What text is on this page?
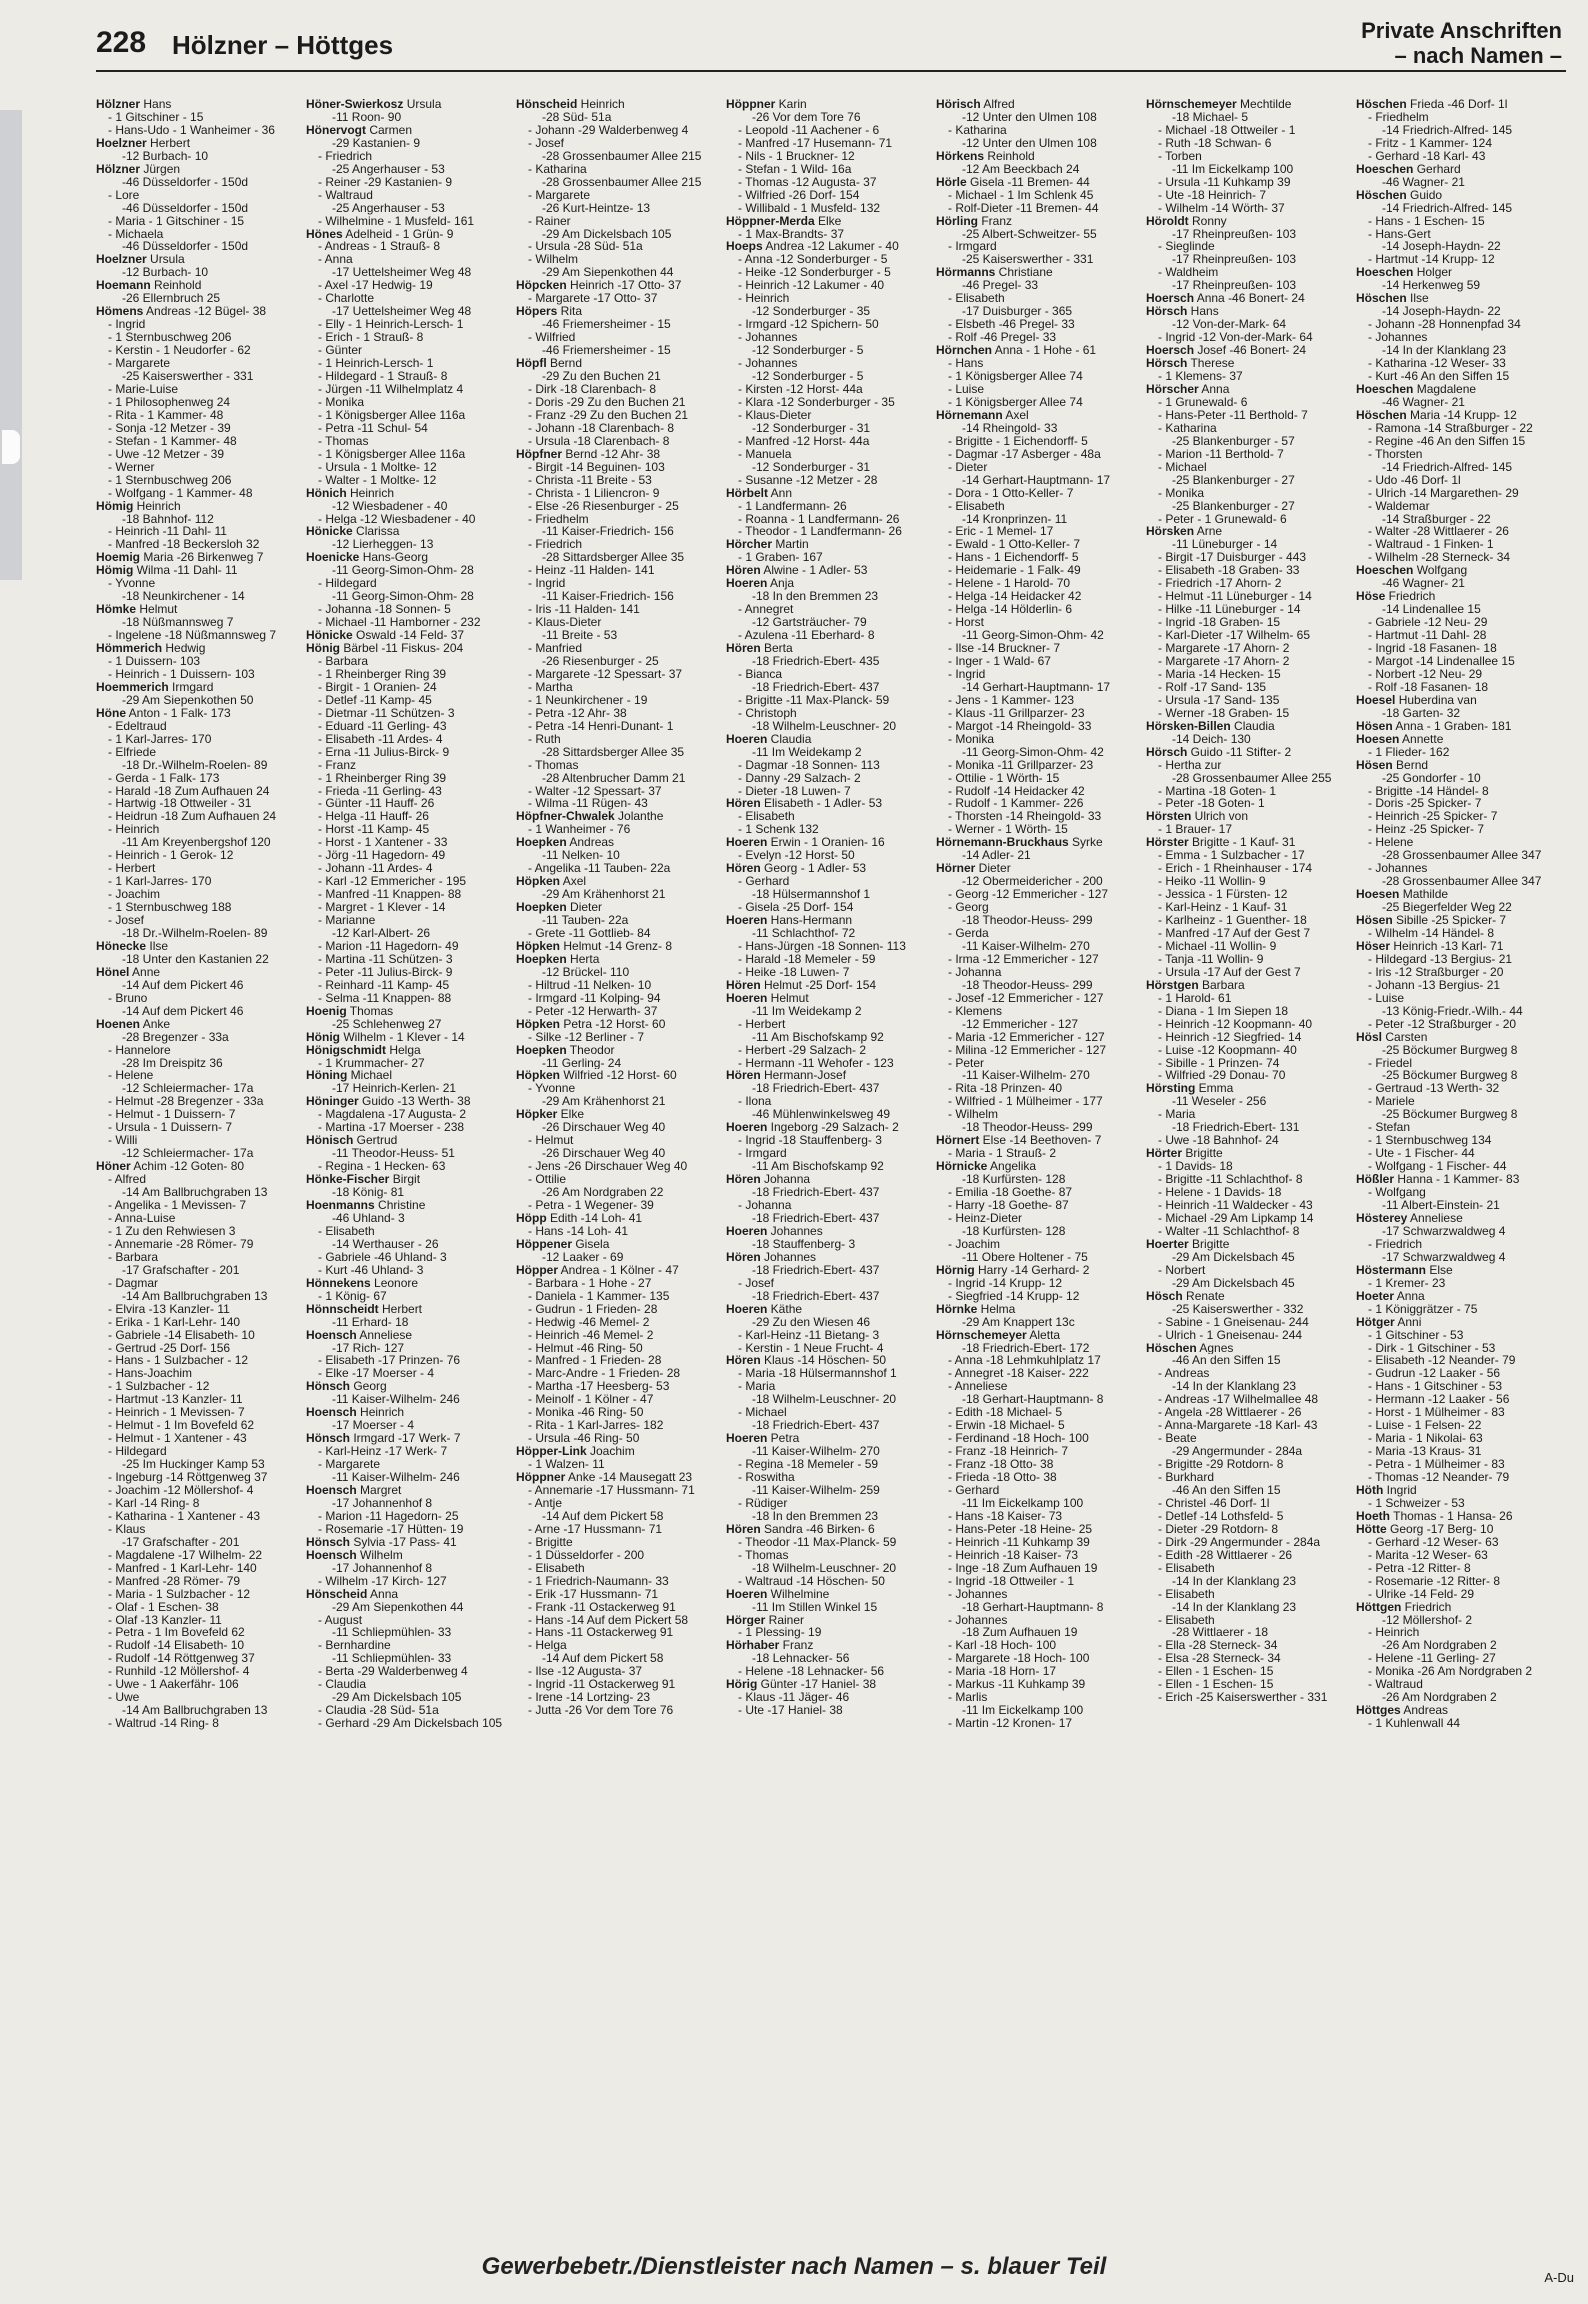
228 Hölzner – Höttges	Private Anschriften
– nach Namen –
Hölzner Hans
- 1 Gitschiner - 15
- Hans-Udo - 1 Wanheimer - 36
Hoelzner Herbert
-12 Burbach- 10
Hölzner Jürgen
-46 Düsseldorfer - 150d
- Lore
-46 Düsseldorfer - 150d
- Maria - 1 Gitschiner - 15
- Michaela
-46 Düsseldorfer - 150d
Hoelzner Ursula
-12 Burbach- 10
Hoemann Reinhold
-26 Ellernbruch 25
Hömens Andreas -12 Bügel- 38
- Ingrid
- 1 Sternbuschweg 206
- Kerstin - 1 Neudorfer - 62
- Margarete
-25 Kaiserswerther - 331
- Marie-Luise
- 1 Philosophenweg 24
- Rita - 1 Kammer- 48
- Sonja -12 Metzer - 39
- Stefan - 1 Kammer- 48
- Uwe -12 Metzer - 39
- Werner
- 1 Sternbuschweg 206
- Wolfgang - 1 Kammer- 48
Hömig Heinrich
-18 Bahnhof- 112
- Heinrich -11 Dahl- 11
- Manfred -18 Beckersloh 32
Hoemig Maria -26 Birkenweg 7
Hömig Wilma -11 Dahl- 11
- Yvonne
-18 Neunkirchener - 14
Hömke Helmut
-18 Nüßmannsweg 7
- Ingelene -18 Nüßmannsweg 7
Hömmerich Hedwig
- 1 Duissern- 103
- Heinrich - 1 Duissern- 103
Hoemmerich Irmgard
-29 Am Siepenkothen 50
Höne Anton - 1 Falk- 173
- Edeltraud
- 1 Karl-Jarres- 170
- Elfriede
-18 Dr.-Wilhelm-Roelen- 89
- Gerda - 1 Falk- 173
- Harald -18 Zum Aufhauen 24
- Hartwig -18 Ottweiler - 31
- Heidrun -18 Zum Aufhauen 24
- Heinrich
-11 Am Kreyenbergshof 120
- Heinrich - 1 Gerok- 12
- Herbert
- 1 Karl-Jarres- 170
- Joachim
- 1 Sternbuschweg 188
- Josef
-18 Dr.-Wilhelm-Roelen- 89
Hönecke Ilse
-18 Unter den Kastanien 22
Hönel Anne
-14 Auf dem Pickert 46
- Bruno
-14 Auf dem Pickert 46
Hoenen Anke
-28 Bregenzer - 33a
- Hannelore
-28 Im Dreispitz 36
- Helene
-12 Schleiermacher- 17a
- Helmut -28 Bregenzer - 33a
- Helmut - 1 Duissern- 7
- Ursula - 1 Duissern- 7
- Willi
-12 Schleiermacher- 17a
Höner Achim -12 Goten- 80
- Alfred
-14 Am Ballbruchgraben 13
- Angelika - 1 Mevissen- 7
- Anna-Luise
- 1 Zu den Rehwiesen 3
- Annemarie -28 Römer- 79
- Barbara
-17 Grafschafter - 201
- Dagmar
-14 Am Ballbruchgraben 13
- Elvira -13 Kanzler- 11
- Erika - 1 Karl-Lehr- 140
- Gabriele -14 Elisabeth- 10
- Gertrud -25 Dorf- 156
- Hans - 1 Sulzbacher - 12
- Hans-Joachim
- 1 Sulzbacher - 12
- Hartmut -13 Kanzler- 11
- Heinrich - 1 Mevissen- 7
- Helmut - 1 Im Bovefeld 62
- Helmut - 1 Xantener - 43
- Hildegard
-25 Im Huckinger Kamp 53
- Ingeburg -14 Röttgenweg 37
- Joachim -12 Möllershof- 4
- Karl -14 Ring- 8
- Katharina - 1 Xantener - 43
- Klaus
-17 Grafschafter - 201
- Magdalene -17 Wilhelm- 22
- Manfred - 1 Karl-Lehr- 140
- Manfred -28 Römer- 79
- Maria - 1 Sulzbacher - 12
- Olaf - 1 Eschen- 38
- Olaf -13 Kanzler- 11
- Petra - 1 Im Bovefeld 62
- Rudolf -14 Elisabeth- 10
- Rudolf -14 Röttgenweg 37
- Runhild -12 Möllershof- 4
- Uwe - 1 Aakerfähr- 106
- Uwe
-14 Am Ballbruchgraben 13
- Waltrud -14 Ring- 8
Höner-Swierkosz Ursula
-11 Roon- 90
Hönervogt Carmen
-29 Kastanien- 9
- Friedrich
-25 Angerhauser - 53
- Reiner -29 Kastanien- 9
- Waltraud
-25 Angerhauser - 53
- Wilhelmine - 1 Musfeld- 161
Hönes Adelheid - 1 Grün- 9
- Andreas - 1 Strauß- 8
- Anna
-17 Uettelsheimer Weg 48
- Axel -17 Hedwig- 19
- Charlotte
-17 Uettelsheimer Weg 48
- Elly - 1 Heinrich-Lersch- 1
- Erich - 1 Strauß- 8
- Günter
- 1 Heinrich-Lersch- 1
- Hildegard - 1 Strauß- 8
- Jürgen -11 Wilhelmplatz 4
- Monika
- 1 Königsberger Allee 116a
- Petra -11 Schul- 54
- Thomas
- 1 Königsberger Allee 116a
- Ursula - 1 Moltke- 12
- Walter - 1 Moltke- 12
Hönich Heinrich
-12 Wiesbadener - 40
- Helga -12 Wiesbadener - 40
Hönicke Clarissa
-12 Lierheggen- 13
Hoenicke Hans-Georg
-11 Georg-Simon-Ohm- 28
- Hildegard
-11 Georg-Simon-Ohm- 28
- Johanna -18 Sonnen- 5
- Michael -11 Hamborner - 232
Hönicke Oswald -14 Feld- 37
Hönig Bärbel -11 Fiskus- 204
- Barbara
- 1 Rheinberger Ring 39
- Birgit - 1 Oranien- 24
- Detlef -11 Kamp- 45
- Dietmar -11 Schützen- 3
- Eduard -11 Gerling- 43
- Elisabeth -11 Ardes- 4
- Erna -11 Julius-Birck- 9
- Franz
- 1 Rheinberger Ring 39
- Frieda -11 Gerling- 43
- Günter -11 Hauff- 26
- Helga -11 Hauff- 26
- Horst -11 Kamp- 45
- Horst - 1 Xantener - 33
- Jörg -11 Hagedorn- 49
- Johann -11 Ardes- 4
- Karl -12 Emmericher - 195
- Manfred -11 Knappen- 88
- Margret - 1 Klever - 14
- Marianne
-12 Karl-Albert- 26
- Marion -11 Hagedorn- 49
- Martina -11 Schützen- 3
- Peter -11 Julius-Birck- 9
- Reinhard -11 Kamp- 45
- Selma -11 Knappen- 88
Hoenig Thomas
-25 Schlehenweg 27
Hönig Wilhelm - 1 Klever - 14
Hönigschmidt Helga
- 1 Krummacher- 27
Höning Michael
-17 Heinrich-Kerlen- 21
Höninger Guido -13 Werth- 38
- Magdalena -17 Augusta- 2
- Martina -17 Moerser - 238
Hönisch Gertrud
-11 Theodor-Heuss- 51
- Regina - 1 Hecken- 63
Hönke-Fischer Birgit
-18 König- 81
Hoenmanns Christine
-46 Uhland- 3
- Elisabeth
-14 Werthauser - 26
- Gabriele -46 Uhland- 3
- Kurt -46 Uhland- 3
Hönnekens Leonore
- 1 König- 67
Hönnscheidt Herbert
-11 Erhard- 18
Hoensch Anneliese
-17 Rich- 127
- Elisabeth -17 Prinzen- 76
- Elke -17 Moerser - 4
Hönsch Georg
-11 Kaiser-Wilhelm- 246
Hoensch Heinrich
-17 Moerser - 4
Hönsch Irmgard -17 Werk- 7
- Karl-Heinz -17 Werk- 7
- Margarete
-11 Kaiser-Wilhelm- 246
Hoensch Margret
-17 Johannenhof 8
- Marion -11 Hagedorn- 25
- Rosemarie -17 Hütten- 19
Hönsch Sylvia -17 Pass- 41
Hoensch Wilhelm
-17 Johannenhof 8
- Wilhelm -17 Kirch- 127
Hönscheid Anna
-29 Am Siepenkothen 44
- August
-11 Schliepmühlen- 33
- Bernhardine
-11 Schliepmühlen- 33
- Berta -29 Walderbenweg 4
- Claudia
-29 Am Dickelsbach 105
- Claudia -28 Süd- 51a
- Gerhard -29 Am Dickelsbach 105
Hönscheid Heinrich
-28 Süd- 51a
- Johann -29 Walderbenweg 4
- Josef
-28 Grossenbaumer Allee 215
- Katharina
-28 Grossenbaumer Allee 215
- Margarete
-26 Kurt-Heintze- 13
- Rainer
-29 Am Dickelsbach 105
- Ursula -28 Süd- 51a
- Wilhelm
-29 Am Siepenkothen 44
Höpcken Heinrich -17 Otto- 37
- Margarete -17 Otto- 37
Höpers Rita
-46 Friemersheimer - 15
- Wilfried
-46 Friemersheimer - 15
Höpfl Bernd
-29 Zu den Buchen 21
- Dirk -18 Clarenbach- 8
- Doris -29 Zu den Buchen 21
- Franz -29 Zu den Buchen 21
- Johann -18 Clarenbach- 8
- Ursula -18 Clarenbach- 8
Höpfner Bernd -12 Ahr- 38
- Birgit -14 Beguinen- 103
- Christa -11 Breite - 53
- Christa - 1 Liliencron- 9
- Else -26 Riesenburger - 25
- Friedhelm
-11 Kaiser-Friedrich- 156
- Friedrich
-28 Sittardsberger Allee 35
- Heinz -11 Halden- 141
- Ingrid
-11 Kaiser-Friedrich- 156
- Iris -11 Halden- 141
- Klaus-Dieter
-11 Breite - 53
- Manfried
-26 Riesenburger - 25
- Margarete -12 Spessart- 37
- Martha
- 1 Neunkirchener - 19
- Petra -12 Ahr- 38
- Petra -14 Henri-Dunant- 1
- Ruth
-28 Sittardsberger Allee 35
- Thomas
-28 Altenbrucher Damm 21
- Walter -12 Spessart- 37
- Wilma -11 Rügen- 43
Höpfner-Chwalek Jolanthe
- 1 Wanheimer - 76
Hoepken Andreas
-11 Nelken- 10
- Angelika -11 Tauben- 22a
Höpken Axel
-29 Am Krähenhorst 21
Hoepken Dieter
-11 Tauben- 22a
- Grete -11 Gottlieb- 84
Höpken Helmut -14 Grenz- 8
Hoepken Herta
-12 Brückel- 110
- Hiltrud -11 Nelken- 10
- Irmgard -11 Kolping- 94
- Peter -12 Herwarth- 37
Höpken Petra -12 Horst- 60
- Silke -12 Berliner - 7
Hoepken Theodor
-11 Gerling- 24
Höpken Wilfried -12 Horst- 60
- Yvonne
-29 Am Krähenhorst 21
Höpker Elke
-26 Dirschauer Weg 40
- Helmut
-26 Dirschauer Weg 40
- Jens -26 Dirschauer Weg 40
- Ottilie
-26 Am Nordgraben 22
- Petra - 1 Wegener- 39
Höpp Edith -14 Loh- 41
- Hans -14 Loh- 41
Höppener Gisela
-12 Laaker - 69
Höpper Andrea - 1 Kölner - 47
- Barbara - 1 Hohe - 27
- Daniela - 1 Kammer- 135
- Gudrun - 1 Frieden- 28
- Hedwig -46 Memel- 2
- Heinrich -46 Memel- 2
- Helmut -46 Ring- 50
- Manfred - 1 Frieden- 28
- Marc-Andre - 1 Frieden- 28
- Martha -17 Heesberg- 53
- Meinolf - 1 Kölner - 47
- Monika -46 Ring- 50
- Rita - 1 Karl-Jarres- 182
- Ursula -46 Ring- 50
Höpper-Link Joachim
- 1 Walzen- 11
Höppner Anke -14 Mausegatt 23
- Annemarie -17 Hussmann- 71
- Antje
-14 Auf dem Pickert 58
- Arne -17 Hussmann- 71
- Brigitte
- 1 Düsseldorfer - 200
- Elisabeth
- 1 Friedrich-Naumann- 33
- Erik -17 Hussmann- 71
- Frank -11 Ostackerweg 91
- Hans -14 Auf dem Pickert 58
- Hans -11 Ostackerweg 91
- Helga
-14 Auf dem Pickert 58
- Ilse -12 Augusta- 37
- Ingrid -11 Ostackerweg 91
- Irene -14 Lortzing- 23
- Jutta -26 Vor dem Tore 76
Höppner Karin
-26 Vor dem Tore 76
- Leopold -11 Aachener - 6
- Manfred -17 Husemann- 71
- Nils - 1 Bruckner- 12
- Stefan - 1 Wild- 16a
- Thomas -12 Augusta- 37
- Wilfried -26 Dorf- 154
- Willibald - 1 Musfeld- 132
Höppner-Merda Elke
- 1 Max-Brandts- 37
Hoeps Andrea -12 Lakumer - 40
- Anna -12 Sonderburger - 5
- Heike -12 Sonderburger - 5
- Heinrich -12 Lakumer - 40
- Heinrich
-12 Sonderburger - 35
- Irmgard -12 Spichern- 50
- Johannes
-12 Sonderburger - 5
- Johannes
-12 Sonderburger - 5
- Kirsten -12 Horst- 44a
- Klara -12 Sonderburger - 35
- Klaus-Dieter
-12 Sonderburger - 31
- Manfred -12 Horst- 44a
- Manuela
-12 Sonderburger - 31
- Susanne -12 Metzer - 28
Hörbelt Ann
- 1 Landfermann- 26
- Roanna - 1 Landfermann- 26
- Theodor - 1 Landfermann- 26
Hörcher Martin
- 1 Graben- 167
Hören Alwine - 1 Adler- 53
Hoeren Anja
-18 In den Bremmen 23
- Annegret
-12 Gartsträucher- 79
- Azulena -11 Eberhard- 8
Hören Berta
-18 Friedrich-Ebert- 435
- Bianca
-18 Friedrich-Ebert- 437
- Brigitte -11 Max-Planck- 59
- Christoph
-18 Wilhelm-Leuschner- 20
Hoeren Claudia
-11 Im Weidekamp 2
- Dagmar -18 Sonnen- 113
- Danny -29 Salzach- 2
- Dieter -18 Luwen- 7
Hören Elisabeth - 1 Adler- 53
- Elisabeth
- 1 Schenk 132
Hoeren Erwin - 1 Oranien- 16
- Evelyn -12 Horst- 50
Hören Georg - 1 Adler- 53
- Gerhard
-18 Hülsermannshof 1
- Gisela -25 Dorf- 154
Hoeren Hans-Hermann
-11 Schlachthof- 72
- Hans-Jürgen -18 Sonnen- 113
- Harald -18 Memeler - 59
- Heike -18 Luwen- 7
Hören Helmut -25 Dorf- 154
Hoeren Helmut
-11 Im Weidekamp 2
- Herbert
-11 Am Bischofskamp 92
- Herbert -29 Salzach- 2
- Hermann -11 Wehofer - 123
Hören Hermann-Josef
-18 Friedrich-Ebert- 437
- Ilona
-46 Mühlenwinkelsweg 49
Hoeren Ingeborg -29 Salzach- 2
- Ingrid -18 Stauffenberg- 3
- Irmgard
-11 Am Bischofskamp 92
Hören Johanna
-18 Friedrich-Ebert- 437
- Johanna
-18 Friedrich-Ebert- 437
Hoeren Johannes
-18 Stauffenberg- 3
Hören Johannes
-18 Friedrich-Ebert- 437
- Josef
-18 Friedrich-Ebert- 437
Hoeren Käthe
-29 Zu den Wiesen 46
- Karl-Heinz -11 Bietang- 3
- Kerstin - 1 Neue Frucht- 4
Hören Klaus -14 Höschen- 50
- Maria -18 Hülsermannshof 1
- Maria
-18 Wilhelm-Leuschner- 20
- Michael
-18 Friedrich-Ebert- 437
Hoeren Petra
-11 Kaiser-Wilhelm- 270
- Regina -18 Memeler - 59
- Roswitha
-11 Kaiser-Wilhelm- 259
- Rüdiger
-18 In den Bremmen 23
Hören Sandra -46 Birken- 6
- Theodor -11 Max-Planck- 59
- Thomas
-18 Wilhelm-Leuschner- 20
- Waltraud -14 Höschen- 50
Hoeren Wilhelmine
-11 Im Stillen Winkel 15
Hörger Rainer
- 1 Plessing- 19
Hörhaber Franz
-18 Lehnacker- 56
- Helene -18 Lehnacker- 56
Hörig Günter -17 Haniel- 38
- Klaus -11 Jäger- 46
- Ute -17 Haniel- 38
Hörisch Alfred
-12 Unter den Ulmen 108
- Katharina
-12 Unter den Ulmen 108
Hörkens Reinhold
-12 Am Beeckbach 24
Hörle Gisela -11 Bremen- 44
- Michael - 1 Im Schlenk 45
- Rolf-Dieter -11 Bremen- 44
Hörling Franz
-25 Albert-Schweitzer- 55
- Irmgard
-25 Kaiserswerther - 331
Hörmanns Christiane
-46 Pregel- 33
- Elisabeth
-17 Duisburger - 365
- Elsbeth -46 Pregel- 33
- Rolf -46 Pregel- 33
Hörnchen Anna - 1 Hohe - 61
- Hans
- 1 Königsberger Allee 74
- Luise
- 1 Königsberger Allee 74
Hörnemann Axel
-14 Rheingold- 33
- Brigitte - 1 Eichendorff- 5
- Dagmar -17 Asberger - 48a
- Dieter
-14 Gerhart-Hauptmann- 17
- Dora - 1 Otto-Keller- 7
- Elisabeth
-14 Kronprinzen- 11
- Eric - 1 Memel- 17
- Ewald - 1 Otto-Keller- 7
- Hans - 1 Eichendorff- 5
- Heidemarie - 1 Falk- 49
- Helene - 1 Harold- 70
- Helga -14 Heidacker 42
- Helga -14 Hölderlin- 6
- Horst
-11 Georg-Simon-Ohm- 42
- Ilse -14 Bruckner- 7
- Inger - 1 Wald- 67
- Ingrid
-14 Gerhart-Hauptmann- 17
- Jens - 1 Kammer- 123
- Klaus -11 Grillparzer- 23
- Margot -14 Rheingold- 33
- Monika
-11 Georg-Simon-Ohm- 42
- Monika -11 Grillparzer- 23
- Ottilie - 1 Wörth- 15
- Rudolf -14 Heidacker 42
- Rudolf - 1 Kammer- 226
- Thorsten -14 Rheingold- 33
- Werner - 1 Wörth- 15
Hörnemann-Bruckhaus Syrke
-14 Adler- 21
Hörner Dieter
-12 Obermeidericher - 200
- Georg -12 Emmericher - 127
- Georg
-18 Theodor-Heuss- 299
- Gerda
-11 Kaiser-Wilhelm- 270
- Irma -12 Emmericher - 127
- Johanna
-18 Theodor-Heuss- 299
- Josef -12 Emmericher - 127
- Klemens
-12 Emmericher - 127
- Maria -12 Emmericher - 127
- Milina -12 Emmericher - 127
- Peter
-11 Kaiser-Wilhelm- 270
- Rita -18 Prinzen- 40
- Wilfried - 1 Mülheimer - 177
- Wilhelm
-18 Theodor-Heuss- 299
Hörnert Else -14 Beethoven- 7
- Maria - 1 Strauß- 2
Hörnicke Angelika
-18 Kurfürsten- 128
- Emilia -18 Goethe- 87
- Harry -18 Goethe- 87
- Heinz-Dieter
-18 Kurfürsten- 128
- Joachim
-11 Obere Holtener - 75
Hörnig Harry -14 Gerhard- 2
- Ingrid -14 Krupp- 12
- Siegfried -14 Krupp- 12
Hörnke Helma
-29 Am Knappert 13c
Hörnschemeyer Aletta
-18 Friedrich-Ebert- 172
- Anna -18 Lehmkuhlplatz 17
- Annegret -18 Kaiser- 222
- Anneliese
-18 Gerhart-Hauptmann- 8
- Edith -18 Michael- 5
- Erwin -18 Michael- 5
- Ferdinand -18 Hoch- 100
- Franz -18 Heinrich- 7
- Franz -18 Otto- 38
- Frieda -18 Otto- 38
- Gerhard
-11 Im Eickelkamp 100
- Hans -18 Kaiser- 73
- Hans-Peter -18 Heine- 25
- Heinrich -11 Kuhkamp 39
- Heinrich -18 Kaiser- 73
- Inge -18 Zum Aufhauen 19
- Ingrid -18 Ottweiler - 1
- Johannes
-18 Gerhart-Hauptmann- 8
- Johannes
-18 Zum Aufhauen 19
- Karl -18 Hoch- 100
- Margarete -18 Hoch- 100
- Maria -18 Horn- 17
- Markus -11 Kuhkamp 39
- Marlis
-11 Im Eickelkamp 100
- Martin -12 Kronen- 17
Hörnschemeyer Mechtilde
-18 Michael- 5
- Michael -18 Ottweiler - 1
- Ruth -18 Schwan- 6
- Torben
-11 Im Eickelkamp 100
- Ursula -11 Kuhkamp 39
- Ute -18 Heinrich- 7
- Wilhelm -14 Wörth- 37
Höroldt Ronny
-17 Rheinpreußen- 103
- Sieglinde
-17 Rheinpreußen- 103
- Waldheim
-17 Rheinpreußen- 103
Hoersch Anna -46 Bonert- 24
Hörsch Hans
-12 Von-der-Mark- 64
- Ingrid -12 Von-der-Mark- 64
Hoersch Josef -46 Bonert- 24
Hörsch Therese
- 1 Klemens- 37
Hörscher Anna
- 1 Grunewald- 6
- Hans-Peter -11 Berthold- 7
- Katharina
-25 Blankenburger - 57
- Marion -11 Berthold- 7
- Michael
-25 Blankenburger - 27
- Monika
-25 Blankenburger - 27
- Peter - 1 Grunewald- 6
Hörsken Arne
-11 Lüneburger - 14
- Birgit -17 Duisburger - 443
- Elisabeth -18 Graben- 33
- Friedrich -17 Ahorn- 2
- Helmut -11 Lüneburger - 14
- Hilke -11 Lüneburger - 14
- Ingrid -18 Graben- 15
- Karl-Dieter -17 Wilhelm- 65
- Margarete -17 Ahorn- 2
- Margarete -17 Ahorn- 2
- Maria -14 Hecken- 15
- Rolf -17 Sand- 135
- Ursula -17 Sand- 135
- Werner -18 Graben- 15
Hörsken-Billen Claudia
-14 Deich- 130
Hörsch Guido -11 Stifter- 2
- Hertha zur
-28 Grossenbaumer Allee 255
- Martina -18 Goten- 1
- Peter -18 Goten- 1
Hörsten Ulrich von
- 1 Brauer- 17
Hörster Brigitte - 1 Kauf- 31
- Emma - 1 Sulzbacher - 17
- Erich - 1 Rheinhauser - 174
- Heiko -11 Wollin- 9
- Jessica - 1 Fürsten- 12
- Karl-Heinz - 1 Kauf- 31
- Karlheinz - 1 Guenther- 18
- Manfred -17 Auf der Gest 7
- Michael -11 Wollin- 9
- Tanja -11 Wollin- 9
- Ursula -17 Auf der Gest 7
Hörstgen Barbara
- 1 Harold- 61
- Diana - 1 Im Siepen 18
- Heinrich -12 Koopmann- 40
- Heinrich -12 Siegfried- 14
- Luise -12 Koopmann- 40
- Sibille - 1 Prinzen- 74
- Wilfried -29 Donau- 70
Hörsting Emma
-11 Weseler - 256
- Maria
-18 Friedrich-Ebert- 131
- Uwe -18 Bahnhof- 24
Hörter Brigitte
- 1 Davids- 18
- Brigitte -11 Schlachthof- 8
- Helene - 1 Davids- 18
- Heinrich -11 Waldecker - 43
- Michael -29 Am Lipkamp 14
- Walter -11 Schlachthof- 8
Hoerter Brigitte
-29 Am Dickelsbach 45
- Norbert
-29 Am Dickelsbach 45
Hösch Renate
-25 Kaiserswerther - 332
- Sabine - 1 Gneisenau- 244
- Ulrich - 1 Gneisenau- 244
Höschen Agnes
-46 An den Siffen 15
- Andreas
-14 In der Klanklang 23
- Andreas -17 Wilhelmallee 48
- Angela -28 Wittlaerer - 26
- Anna-Margarete -18 Karl- 43
- Beate
-29 Angermunder - 284a
- Brigitte -29 Rotdorn- 8
- Burkhard
-46 An den Siffen 15
- Christel -46 Dorf- 1l
- Detlef -14 Lothsfeld- 5
- Dieter -29 Rotdorn- 8
- Dirk -29 Angermunder - 284a
- Edith -28 Wittlaerer - 26
- Elisabeth
-14 In der Klanklang 23
- Elisabeth
-14 In der Klanklang 23
- Elisabeth
-28 Wittlaerer - 18
- Ella -28 Sterneck- 34
- Elsa -28 Sterneck- 34
- Ellen - 1 Eschen- 15
- Ellen - 1 Eschen- 15
- Erich -25 Kaiserswerther - 331
Höschen Frieda -46 Dorf- 1l
- Friedhelm
-14 Friedrich-Alfred- 145
- Fritz - 1 Kammer- 124
- Gerhard -18 Karl- 43
Hoeschen Gerhard
-46 Wagner- 21
Höschen Guido
-14 Friedrich-Alfred- 145
- Hans - 1 Eschen- 15
- Hans-Gert
-14 Joseph-Haydn- 22
- Hartmut -14 Krupp- 12
Hoeschen Holger
-14 Herkenweg 59
Höschen Ilse
-14 Joseph-Haydn- 22
- Johann -28 Honnenpfad 34
- Johannes
-14 In der Klanklang 23
- Katharina -12 Weser- 33
- Kurt -46 An den Siffen 15
Hoeschen Magdalene
-46 Wagner- 21
Höschen Maria -14 Krupp- 12
- Ramona -14 Straßburger - 22
- Regine -46 An den Siffen 15
- Thorsten
-14 Friedrich-Alfred- 145
- Udo -46 Dorf- 1l
- Ulrich -14 Margarethen- 29
- Waldemar
-14 Straßburger - 22
- Walter -28 Wittlaerer - 26
- Waltraud - 1 Finken- 1
- Wilhelm -28 Sterneck- 34
Hoeschen Wolfgang
-46 Wagner- 21
Höse Friedrich
-14 Lindenallee 15
- Gabriele -12 Neu- 29
- Hartmut -11 Dahl- 28
- Ingrid -18 Fasanen- 18
- Margot -14 Lindenallee 15
- Norbert -12 Neu- 29
- Rolf -18 Fasanen- 18
Hoesel Huberdina van
-18 Garten- 32
Hösen Anna - 1 Graben- 181
Hoesen Annette
- 1 Flieder- 162
Hösen Bernd
-25 Gondorfer - 10
- Brigitte -14 Händel- 8
- Doris -25 Spicker- 7
- Heinrich -25 Spicker- 7
- Heinz -25 Spicker- 7
- Helene
-28 Grossenbaumer Allee 347
- Johannes
-28 Grossenbaumer Allee 347
Hoesen Mathilde
-25 Biegerfelder Weg 22
Hösen Sibille -25 Spicker- 7
- Wilhelm -14 Händel- 8
Höser Heinrich -13 Karl- 71
- Hildegard -13 Bergius- 21
- Iris -12 Straßburger - 20
- Johann -13 Bergius- 21
- Luise
-13 König-Friedr.-Wilh.- 44
- Peter -12 Straßburger - 20
Hösl Carsten
-25 Böckumer Burgweg 8
- Friedel
-25 Böckumer Burgweg 8
- Gertraud -13 Werth- 32
- Mariele
-25 Böckumer Burgweg 8
- Stefan
- 1 Sternbuschweg 134
- Ute - 1 Fischer- 44
- Wolfgang - 1 Fischer- 44
Hößler Hanna - 1 Kammer- 83
- Wolfgang
-11 Albert-Einstein- 21
Hösterey Anneliese
-17 Schwarzwaldweg 4
- Friedrich
-17 Schwarzwaldweg 4
Höstermann Else
- 1 Kremer- 23
Hoeter Anna
- 1 Königgrätzer - 75
Hötger Anni
- 1 Gitschiner - 53
- Dirk - 1 Gitschiner - 53
- Elisabeth -12 Neander- 79
- Gudrun -12 Laaker - 56
- Hans - 1 Gitschiner - 53
- Hermann -12 Laaker - 56
- Horst - 1 Mülheimer - 83
- Luise - 1 Felsen- 22
- Maria - 1 Nikolai- 63
- Maria -13 Kraus- 31
- Petra - 1 Mülheimer - 83
- Thomas -12 Neander- 79
Höth Ingrid
- 1 Schweizer - 53
Hoeth Thomas - 1 Hansa- 26
Hötte Georg -17 Berg- 10
- Gerhard -12 Weser- 63
- Marita -12 Weser- 63
- Petra -12 Ritter- 8
- Rosemarie -12 Ritter- 8
- Ulrike -14 Feld- 29
Höttgen Friedrich
-12 Möllershof- 2
- Heinrich
-26 Am Nordgraben 2
- Helene -11 Gerling- 27
- Monika -26 Am Nordgraben 2
- Waltraud
-26 Am Nordgraben 2
Höttges Andreas
- 1 Kuhlenwall 44
Gewerbebetr./Dienstleister nach Namen – s. blauer Teil	A-Du
